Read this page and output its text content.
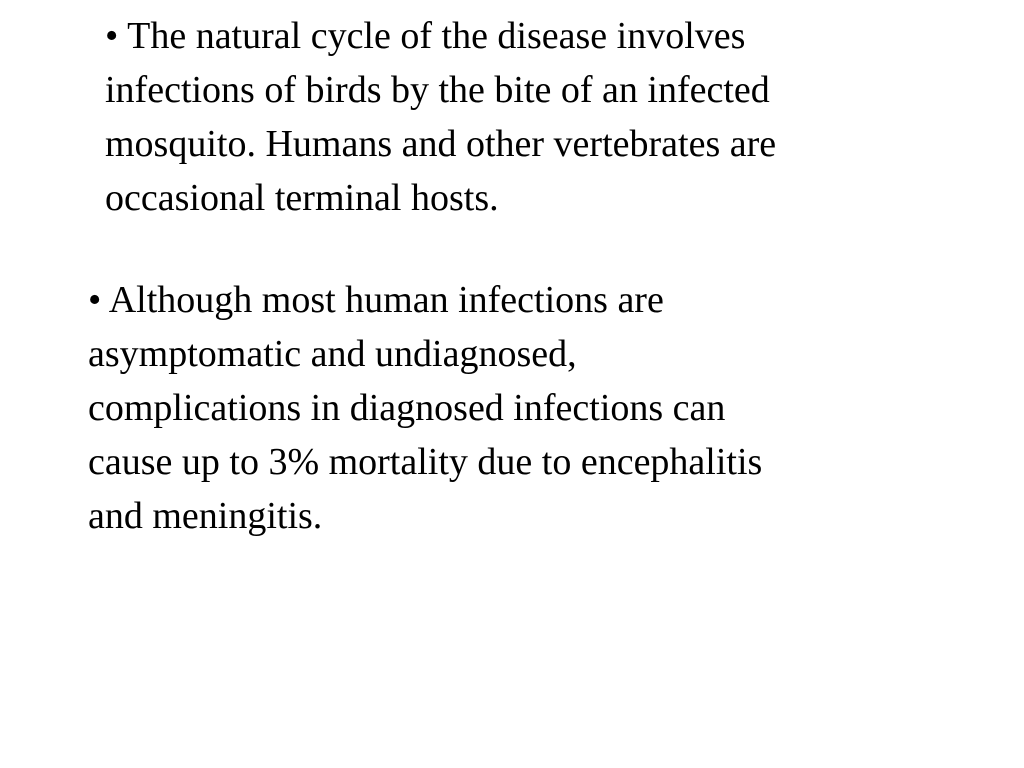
• The natural cycle of the disease involves
infections of birds by the bite of an infected
mosquito. Humans and other vertebrates are
occasional terminal hosts.

• Although most human infections are
asymptomatic and undiagnosed,
complications in diagnosed infections can
cause up to 3% mortality due to encephalitis
and meningitis.
